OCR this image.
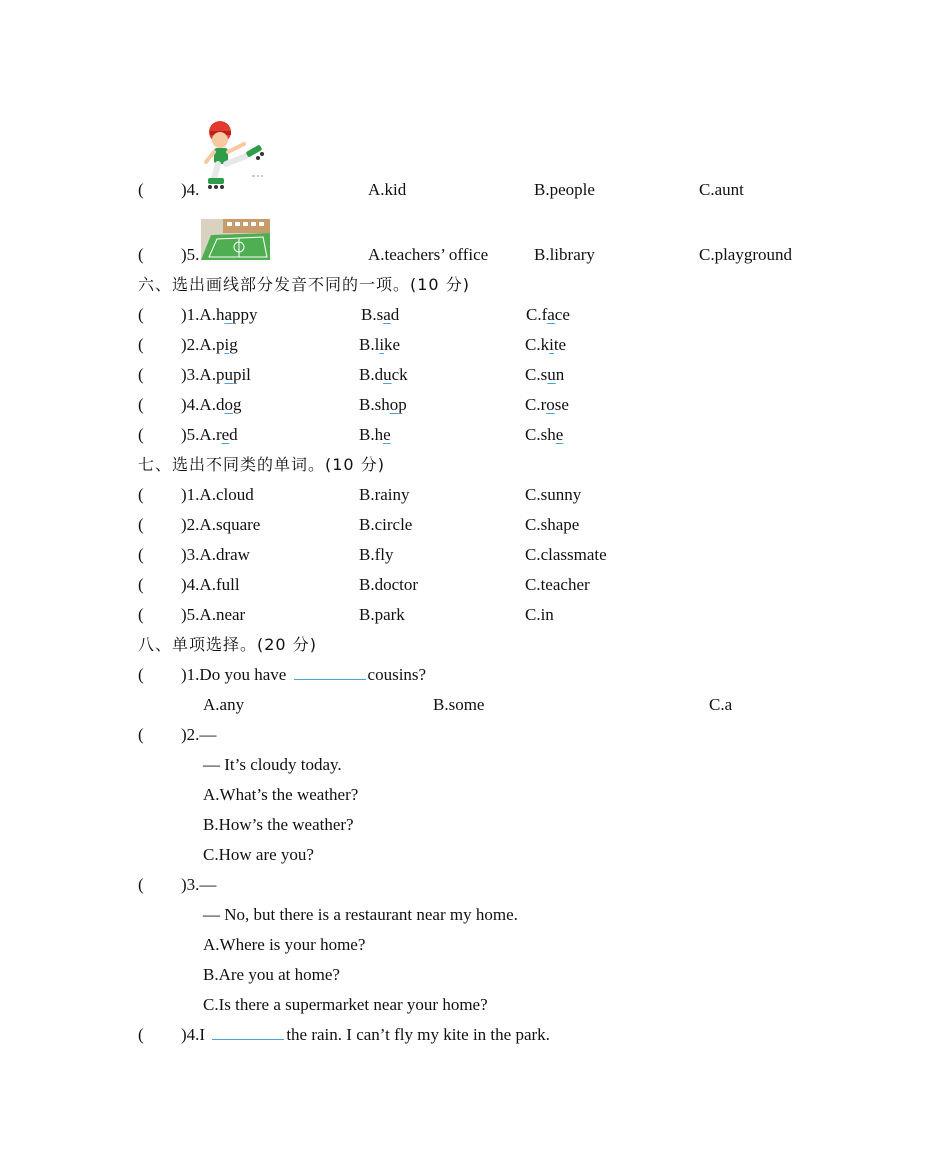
( )4.	A.kid	B.people	C.aunt
( )5.	A.teachers’ office	B.library	C.playground
六、选出画线部分发音不同的一项。(10 分)
( )1.A.happy	B.sad	C.face
( )2.A.pig	B.like	C.kite
( )3.A.pupil	B.duck	C.sun
( )4.A.dog	B.shop	C.rose
( )5.A.red	B.he	C.she
七、选出不同类的单词。(10 分)
( )1.A.cloud	B.rainy	C.sunny
( )2.A.square	B.circle	C.shape
( )3.A.draw	B.fly	C.classmate
( )4.A.full	B.doctor	C.teacher
( )5.A.near	B.park	C.in
八、单项选择。(20 分)
( )1.Do you have	cousins?
A.any	B.some	C.a
( )2.—
— It’s cloudy today.
A.What’s the weather?
B.How’s the weather?
C.How are you?
( )3.—
— No, but there is a restaurant near my home.
A.Where is your home?
B.Are you at home?
C.Is there a supermarket near your home?
( )4.I	the rain. I can’t fly my kite in the park.
